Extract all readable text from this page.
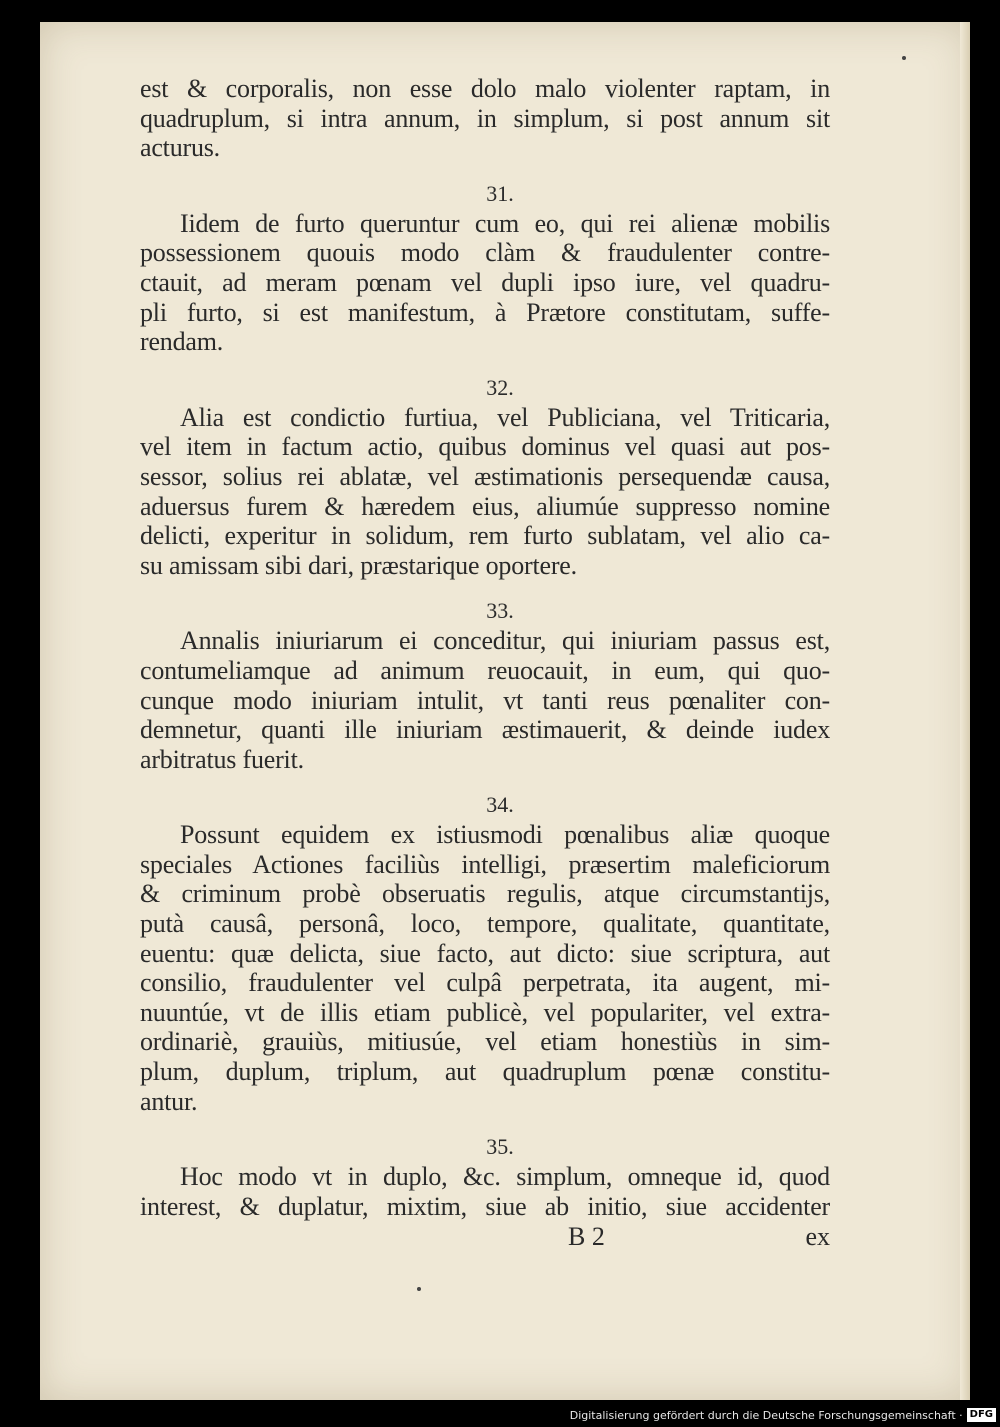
est & corporalis, non esse dolo malo violenter raptam, in
quadruplum, si intra annum, in simplum, si post annum sit
acturus.
31.
Iidem de furto queruntur cum eo, qui rei alienæ mobilis
possessionem quouis modo clàm & fraudulenter contre-
ctauit, ad meram pœnam vel dupli ipso iure, vel quadru-
pli furto, si est manifestum, à Prætore constitutam, suffe-
rendam.
32.
Alia est condictio furtiua, vel Publiciana, vel Triticaria,
vel item in factum actio, quibus dominus vel quasi aut pos-
sessor, solius rei ablatæ, vel æstimationis persequendæ causa,
aduersus furem & hæredem eius, aliumúe suppresso nomine
delicti, experitur in solidum, rem furto sublatam, vel alio ca-
su amissam sibi dari, præstarique oportere.
33.
Annalis iniuriarum ei conceditur, qui iniuriam passus est,
contumeliamque ad animum reuocauit, in eum, qui quo-
cunque modo iniuriam intulit, vt tanti reus pœnaliter con-
demnetur, quanti ille iniuriam æstimauerit, & deinde iudex
arbitratus fuerit.
34.
Possunt equidem ex istiusmodi pœnalibus aliæ quoque
speciales Actiones faciliùs intelligi, præsertim maleficiorum
& criminum probè obseruatis regulis, atque circumstantijs,
putà causâ, personâ, loco, tempore, qualitate, quantitate,
euentu: quæ delicta, siue facto, aut dicto: siue scriptura, aut
consilio, fraudulenter vel culpâ perpetrata, ita augent, mi-
nuuntúe, vt de illis etiam publicè, vel populariter, vel extra-
ordinariè, grauiùs, mitiusúe, vel etiam honestiùs in sim-
plum, duplum, triplum, aut quadruplum pœnæ constitu-
antur.
35.
Hoc modo vt in duplo, &c. simplum, omneque id, quod
interest, & duplatur, mixtim, siue ab initio, siue accidenter
B 2	ex
Digitalisierung gefördert durch die Deutsche Forschungsgemeinschaft · DFG
